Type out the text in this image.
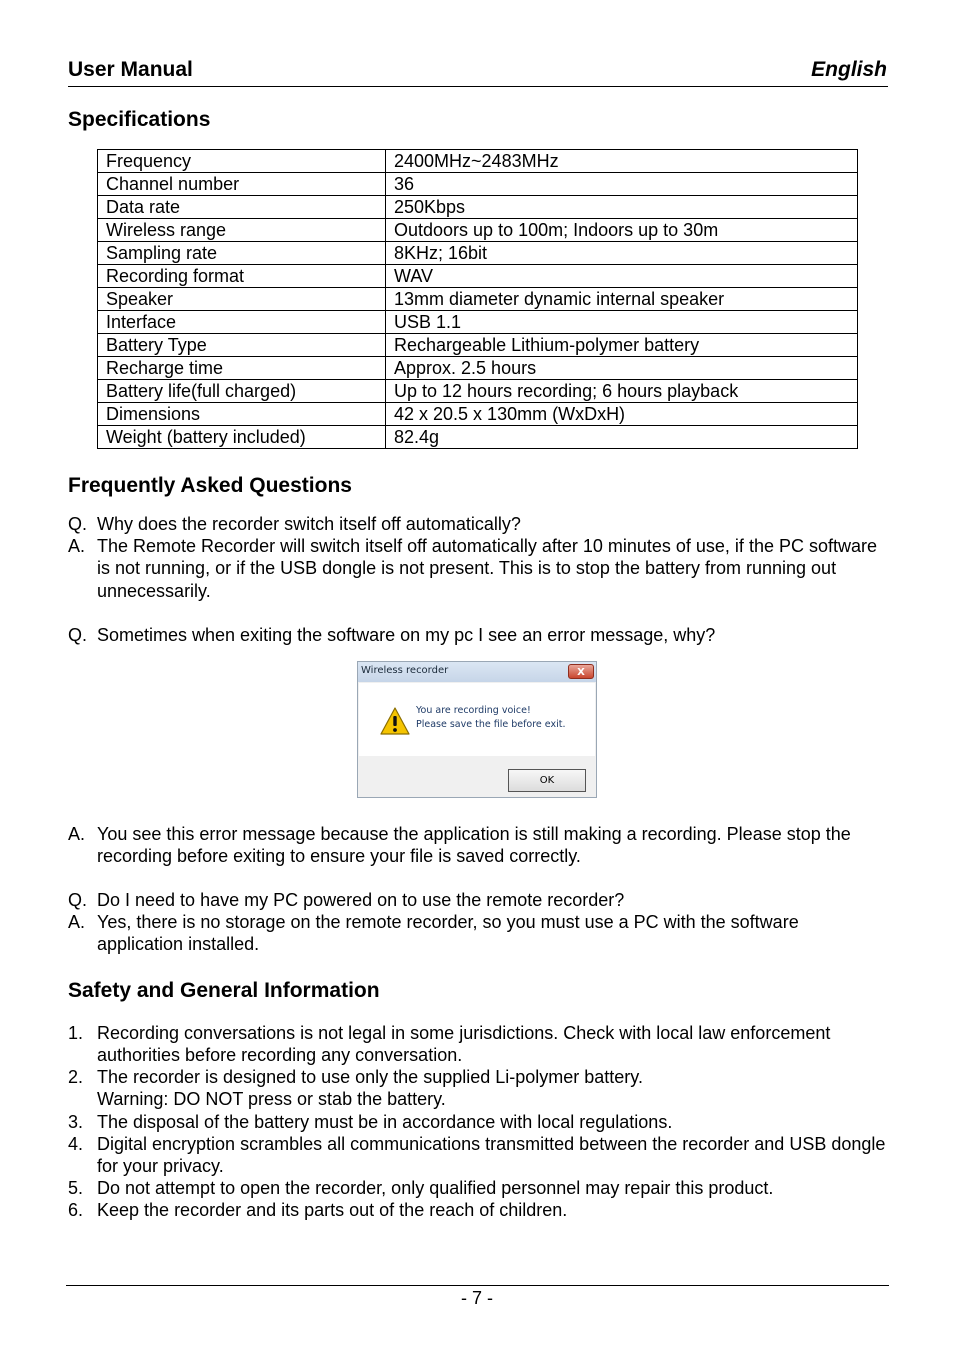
User Manual	English
Specifications
Frequency	2400MHz~2483MHz
Channel number	36
Data rate	250Kbps
Wireless range	Outdoors up to 100m; Indoors up to 30m
Sampling rate	8KHz; 16bit
Recording format	WAV
Speaker	13mm diameter dynamic internal speaker
Interface	USB 1.1
Battery Type	Rechargeable Lithium-polymer battery
Recharge time	Approx. 2.5 hours
Battery life(full charged)	Up to 12 hours recording; 6 hours playback
Dimensions	42 x 20.5 x 130mm (WxDxH)
Weight (battery included)	82.4g
Frequently Asked Questions
Q. Why does the recorder switch itself off automatically?
A. The Remote Recorder will switch itself off automatically after 10 minutes of use, if the PC software is not running, or if the USB dongle is not present. This is to stop the battery from running out unnecessarily.
Q. Sometimes when exiting the software on my pc I see an error message, why?
Wireless recorder	X
You are recording voice!
Please save the file before exit.
OK
A. You see this error message because the application is still making a recording. Please stop the recording before exiting to ensure your file is saved correctly.
Q. Do I need to have my PC powered on to use the remote recorder?
A. Yes, there is no storage on the remote recorder, so you must use a PC with the software application installed.
Safety and General Information
1. Recording conversations is not legal in some jurisdictions. Check with local law enforcement authorities before recording any conversation.
2. The recorder is designed to use only the supplied Li-polymer battery.
Warning: DO NOT press or stab the battery.
3. The disposal of the battery must be in accordance with local regulations.
4. Digital encryption scrambles all communications transmitted between the recorder and USB dongle for your privacy.
5. Do not attempt to open the recorder, only qualified personnel may repair this product.
6. Keep the recorder and its parts out of the reach of children.
- 7 -
